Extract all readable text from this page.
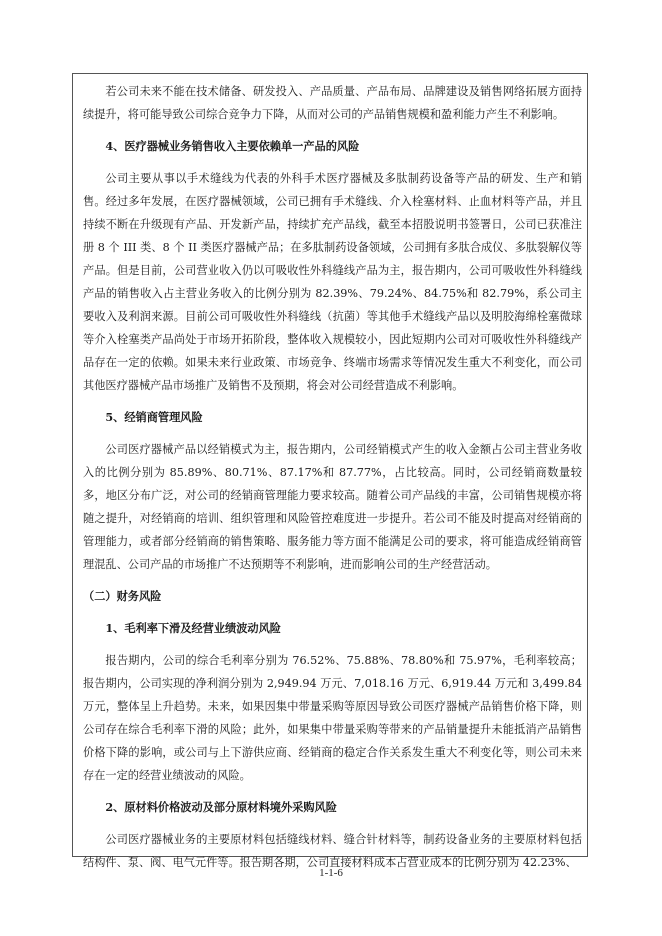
若公司未来不能在技术储备、研发投入、产品质量、产品布局、品牌建设及销售网络拓展方面持续提升，将可能导致公司综合竞争力下降，从而对公司的产品销售规模和盈利能力产生不利影响。

4、医疗器械业务销售收入主要依赖单一产品的风险

公司主要从事以手术缝线为代表的外科手术医疗器械及多肽制药设备等产品的研发、生产和销售。经过多年发展，在医疗器械领域，公司已拥有手术缝线、介入栓塞材料、止血材料等产品，并且持续不断在升级现有产品、开发新产品，持续扩充产品线，截至本招股说明书签署日，公司已获准注册 8 个 III 类、8 个 II 类医疗器械产品；在多肽制药设备领域，公司拥有多肽合成仪、多肽裂解仪等产品。但是目前，公司营业收入仍以可吸收性外科缝线产品为主，报告期内，公司可吸收性外科缝线产品的销售收入占主营业务收入的比例分别为 82.39%、79.24%、84.75%和 82.79%，系公司主要收入及利润来源。目前公司可吸收性外科缝线（抗菌）等其他手术缝线产品以及明胶海绵栓塞微球等介入栓塞类产品尚处于市场开拓阶段，整体收入规模较小，因此短期内公司对可吸收性外科缝线产品存在一定的依赖。如果未来行业政策、市场竞争、终端市场需求等情况发生重大不利变化，而公司其他医疗器械产品市场推广及销售不及预期，将会对公司经营造成不利影响。

5、经销商管理风险

公司医疗器械产品以经销模式为主，报告期内，公司经销模式产生的收入金额占公司主营业务收入的比例分别为 85.89%、80.71%、87.17%和 87.77%，占比较高。同时，公司经销商数量较多，地区分布广泛，对公司的经销商管理能力要求较高。随着公司产品线的丰富，公司销售规模亦将随之提升，对经销商的培训、组织管理和风险管控难度进一步提升。若公司不能及时提高对经销商的管理能力，或者部分经销商的销售策略、服务能力等方面不能满足公司的要求，将可能造成经销商管理混乱、公司产品的市场推广不达预期等不利影响，进而影响公司的生产经营活动。

（二）财务风险

1、毛利率下滑及经营业绩波动风险

报告期内，公司的综合毛利率分别为 76.52%、75.88%、78.80%和 75.97%，毛利率较高；报告期内，公司实现的净利润分别为 2,949.94 万元、7,018.16 万元、6,919.44 万元和 3,499.84 万元，整体呈上升趋势。未来，如果因集中带量采购等原因导致公司医疗器械产品销售价格下降，则公司存在综合毛利率下滑的风险；此外，如果集中带量采购等带来的产品销量提升未能抵消产品销售价格下降的影响，或公司与上下游供应商、经销商的稳定合作关系发生重大不利变化等，则公司未来存在一定的经营业绩波动的风险。

2、原材料价格波动及部分原材料境外采购风险

公司医疗器械业务的主要原材料包括缝线材料、缝合针材料等，制药设备业务的主要原材料包括结构件、泵、阀、电气元件等。报告期各期，公司直接材料成本占营业成本的比例分别为 42.23%、

1-1-6
